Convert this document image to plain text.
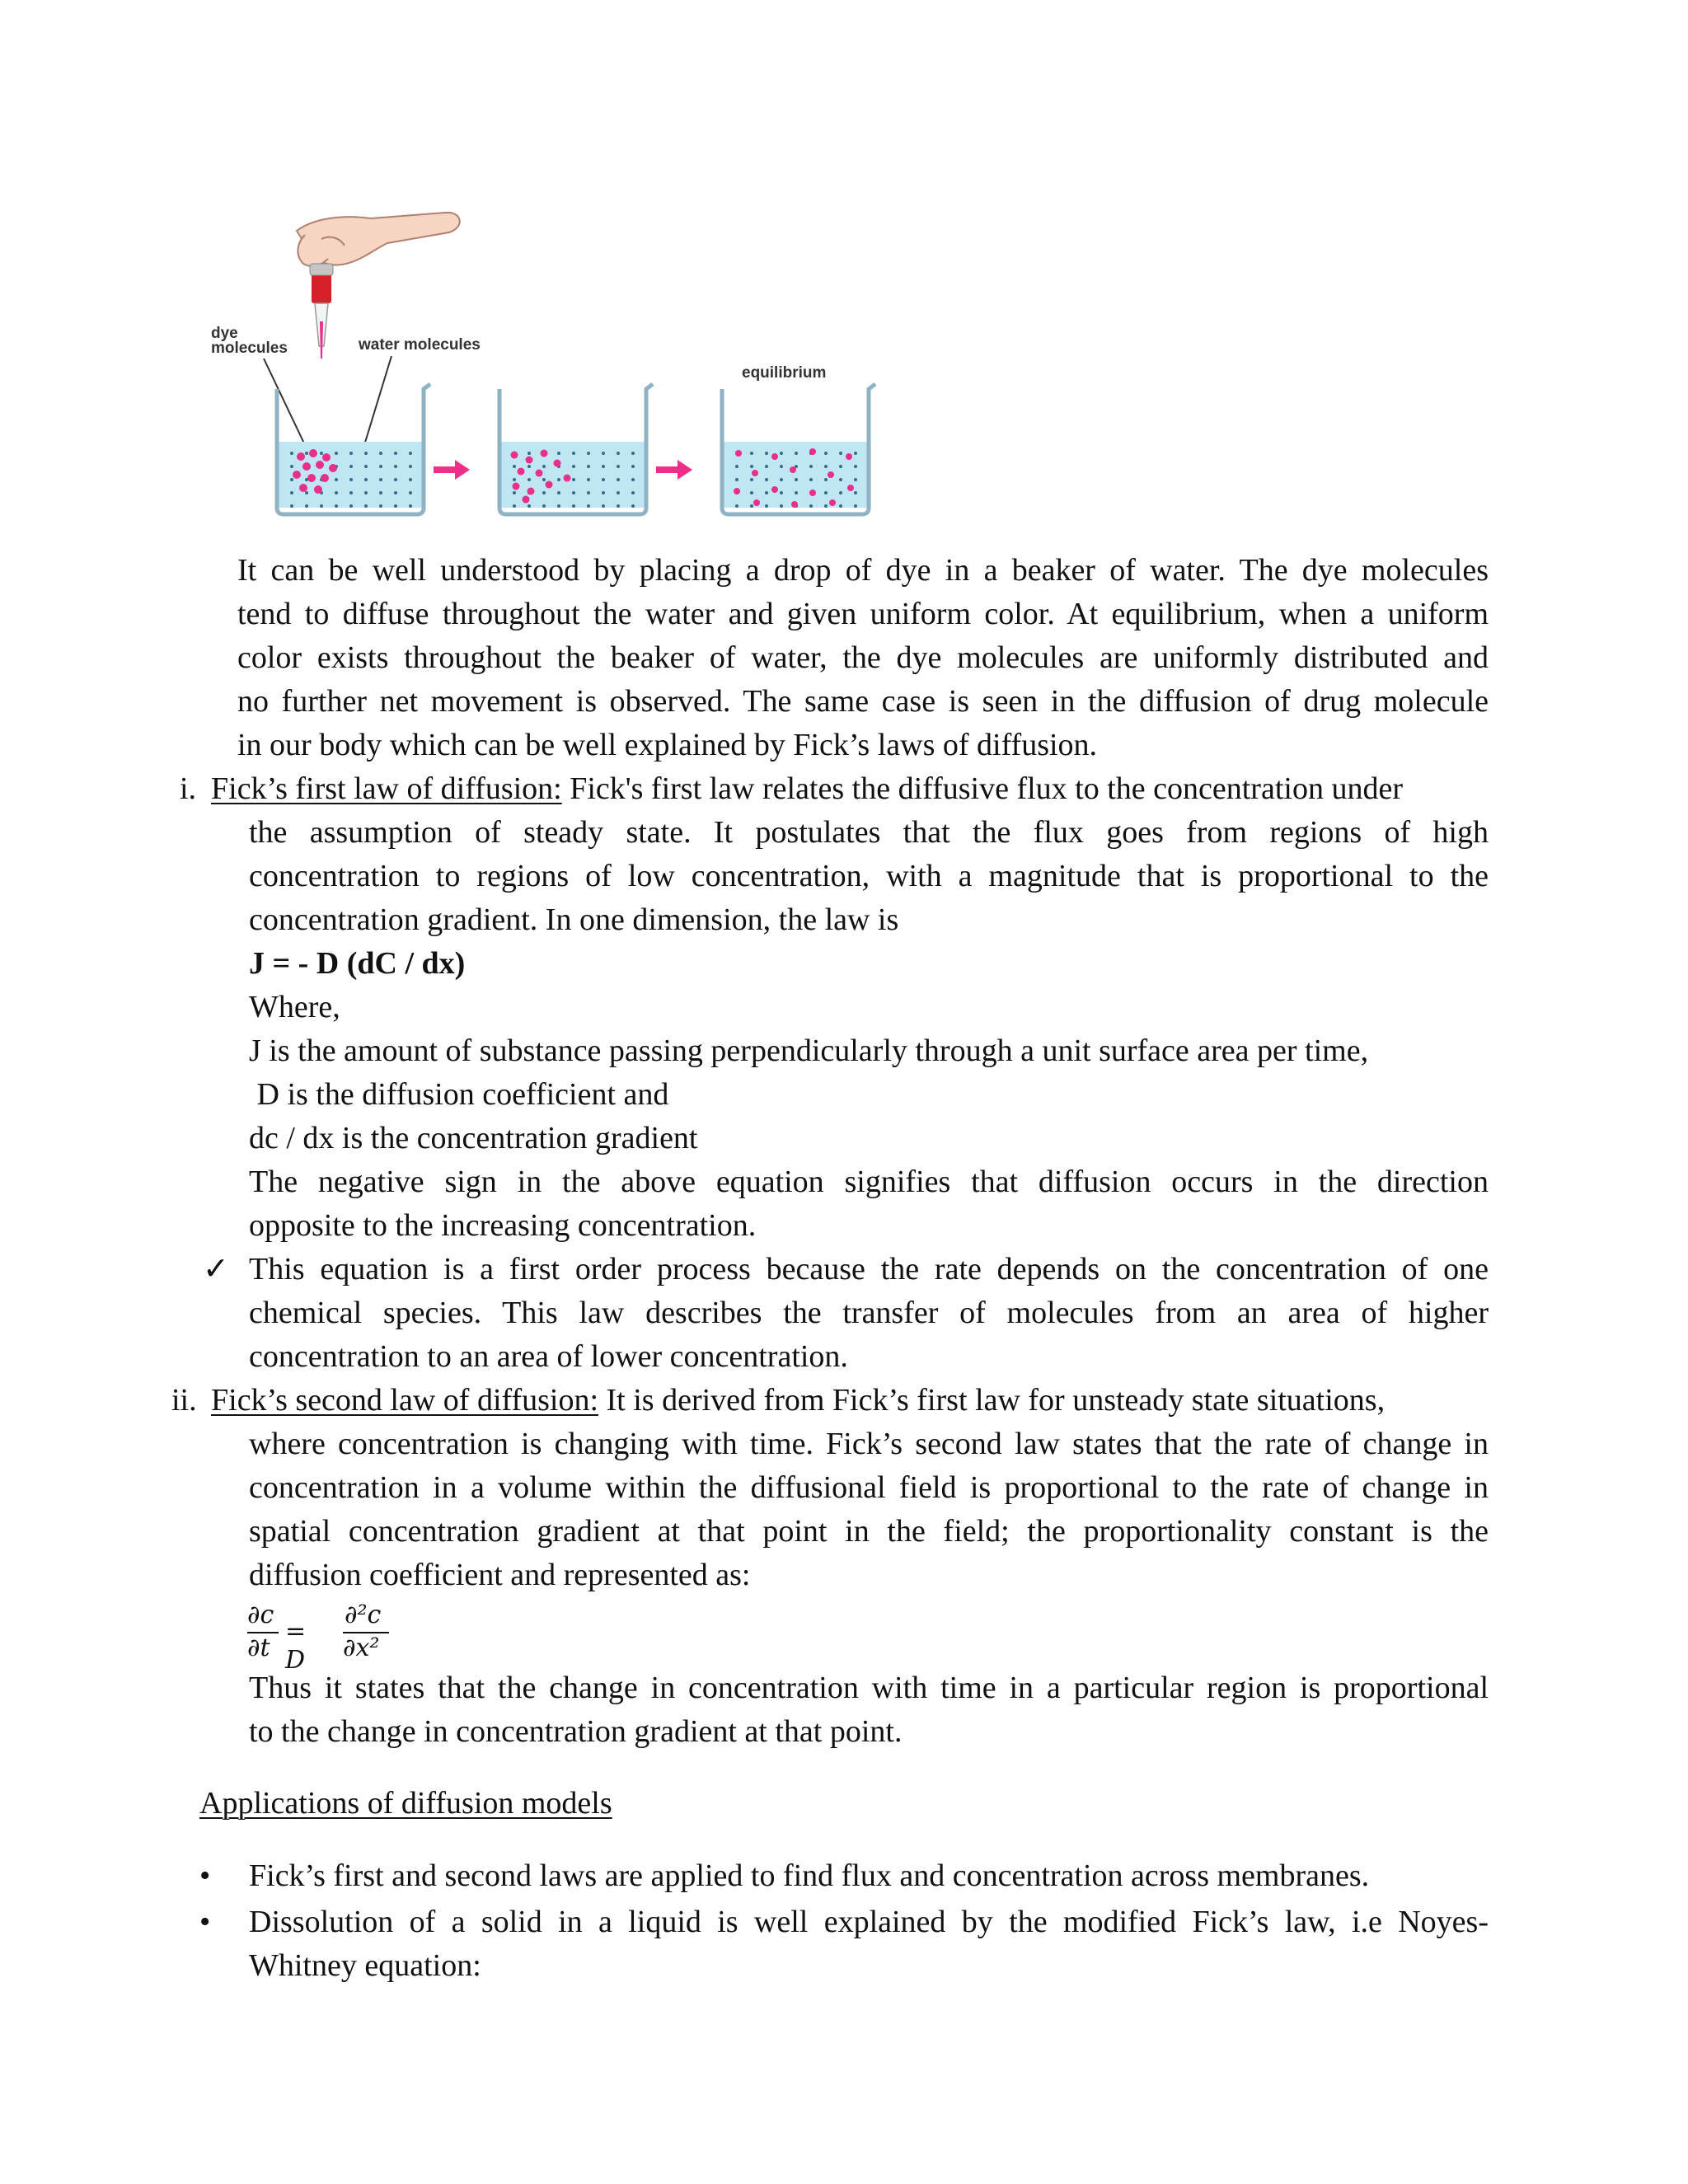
dye
molecules	water molecules
equilibrium
It can be well understood by placing a drop of dye in a beaker of water. The dye molecules
tend to diffuse throughout the water and given uniform color. At equilibrium, when a uniform
color exists throughout the beaker of water, the dye molecules are uniformly distributed and
no further net movement is observed. The same case is seen in the diffusion of drug molecule
in our body which can be well explained by Fick’s laws of diffusion.
i. Fick’s first law of diffusion: Fick's first law relates the diffusive flux to the concentration under
the assumption of steady state. It postulates that the flux goes from regions of high
concentration to regions of low concentration, with a magnitude that is proportional to the
concentration gradient. In one dimension, the law is
J = - D (dC / dx)
Where,
J is the amount of substance passing perpendicularly through a unit surface area per time,
D is the diffusion coefficient and
dc / dx is the concentration gradient
The negative sign in the above equation signifies that diffusion occurs in the direction
opposite to the increasing concentration.
✓ This equation is a first order process because the rate depends on the concentration of one
chemical species. This law describes the transfer of molecules from an area of higher
concentration to an area of lower concentration.
ii. Fick’s second law of diffusion: It is derived from Fick’s first law for unsteady state situations,
where concentration is changing with time. Fick’s second law states that the rate of change in
concentration in a volume within the diffusional field is proportional to the rate of change in
spatial concentration gradient at that point in the field; the proportionality constant is the
diffusion coefficient and represented as:
∂c
∂t
= D
∂²c
∂x²
Thus it states that the change in concentration with time in a particular region is proportional
to the change in concentration gradient at that point.
Applications of diffusion models
• Fick’s first and second laws are applied to find flux and concentration across membranes.
• Dissolution of a solid in a liquid is well explained by the modified Fick’s law, i.e Noyes-
Whitney equation:
